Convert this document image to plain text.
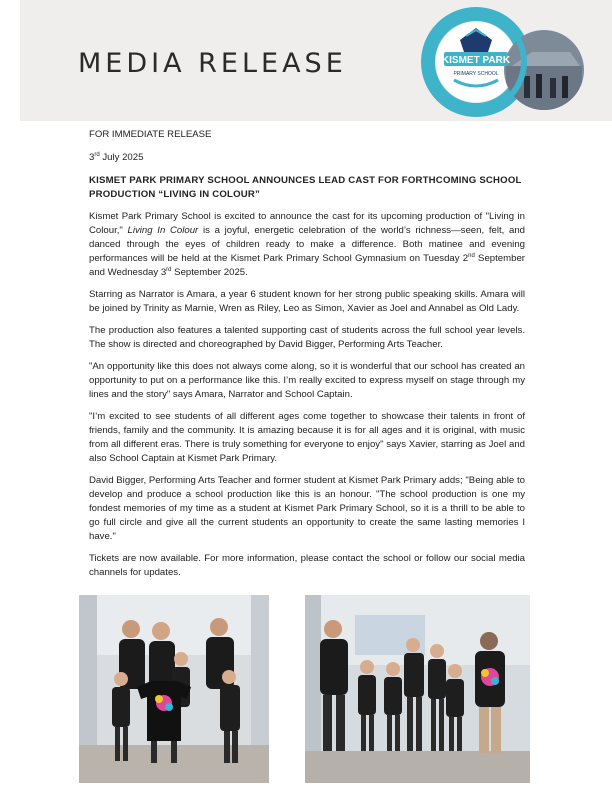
MEDIA RELEASE	KISMET PARK
PRIMARY SCHOOL

FOR IMMEDIATE RELEASE

3rd July 2025

KISMET PARK PRIMARY SCHOOL ANNOUNCES LEAD CAST FOR FORTHCOMING SCHOOL PRODUCTION “LIVING IN COLOUR”

Kismet Park Primary School is excited to announce the cast for its upcoming production of "Living in Colour," Living In Colour is a joyful, energetic celebration of the world’s richness—seen, felt, and danced through the eyes of children ready to make a difference. Both matinee and evening performances will be held at the Kismet Park Primary School Gymnasium on Tuesday 2nd September and Wednesday 3rd September 2025.

Starring as Narrator is Amara, a year 6 student known for her strong public speaking skills. Amara will be joined by Trinity as Marnie, Wren as Riley, Leo as Simon, Xavier as Joel and Annabel as Old Lady.

The production also features a talented supporting cast of students across the full school year levels. The show is directed and choreographed by David Bigger, Performing Arts Teacher.

"An opportunity like this does not always come along, so it is wonderful that our school has created an opportunity to put on a performance like this. I’m really excited to express myself on stage through my lines and the story" says Amara, Narrator and School Captain.

"I’m excited to see students of all different ages come together to showcase their talents in front of friends, family and the community. It is amazing because it is for all ages and it is original, with music from all different eras. There is truly something for everyone to enjoy" says Xavier, starring as Joel and also School Captain at Kismet Park Primary.

David Bigger, Performing Arts Teacher and former student at Kismet Park Primary adds; "Being able to develop and produce a school production like this is an honour. "The school production is one my fondest memories of my time as a student at Kismet Park Primary School, so it is a thrill to be able to go full circle and give all the current students an opportunity to create the same lasting memories I have."

Tickets are now available. For more information, please contact the school or follow our social media channels for updates.
